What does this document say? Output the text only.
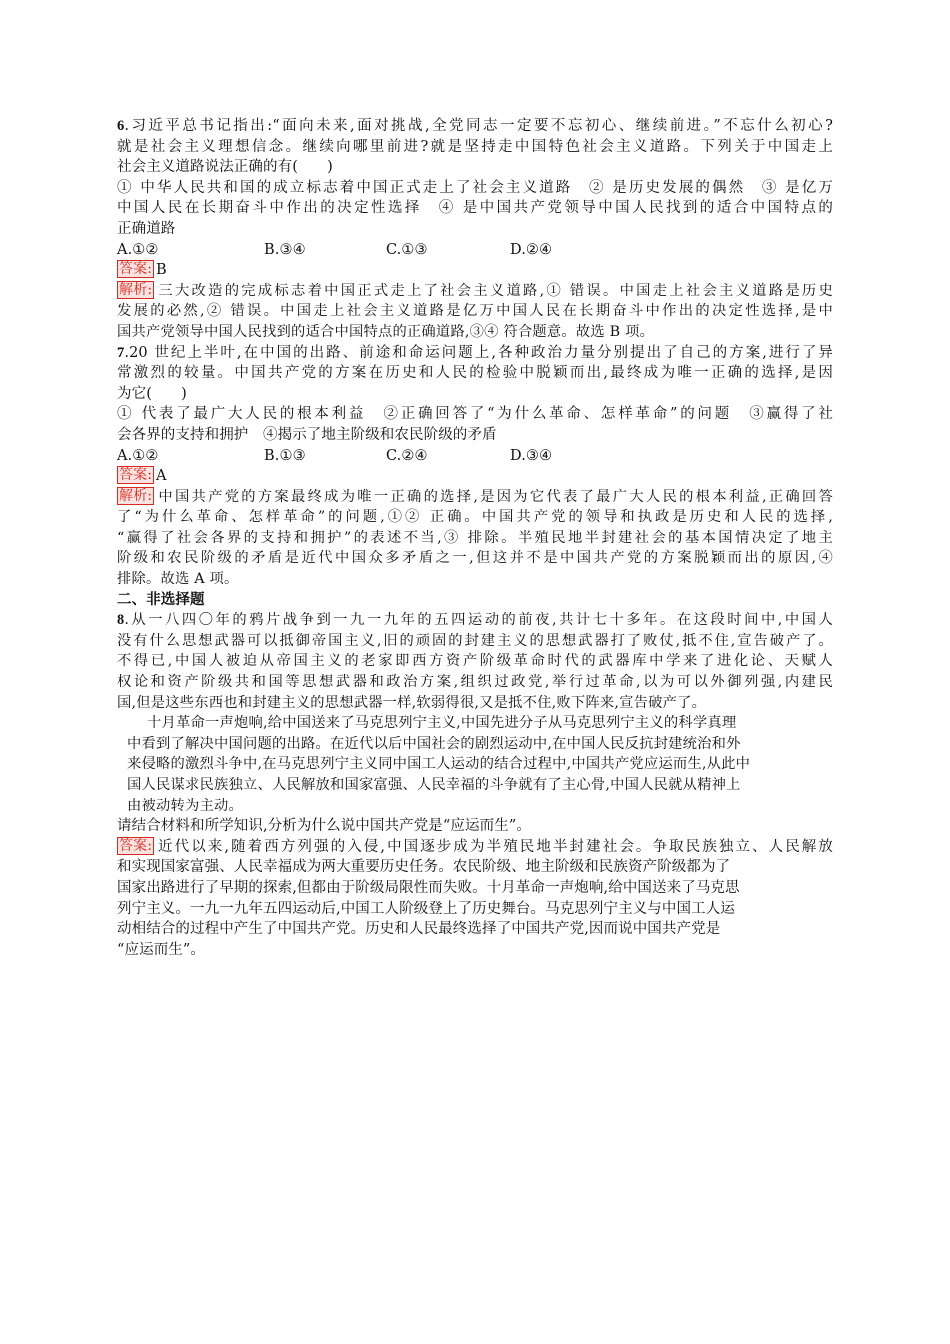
6.习近平总书记指出:“面向未来,面对挑战,全党同志一定要不忘初心、继续前进。”不忘什么初心?
就是社会主义理想信念。继续向哪里前进?就是坚持走中国特色社会主义道路。下列关于中国走上
社会主义道路说法正确的有(　　)
① 中华人民共和国的成立标志着中国正式走上了社会主义道路　② 是历史发展的偶然　③ 是亿万
中国人民在长期奋斗中作出的决定性选择　④ 是中国共产党领导中国人民找到的适合中国特点的
正确道路
A.①②	B.③④	C.①③	D.②④
答案: B
解析: 三大改造的完成标志着中国正式走上了社会主义道路,① 错误。中国走上社会主义道路是历史
发展的必然,② 错误。中国走上社会主义道路是亿万中国人民在长期奋斗中作出的决定性选择,是中
国共产党领导中国人民找到的适合中国特点的正确道路,③④ 符合题意。故选 B 项。
7.20 世纪上半叶,在中国的出路、前途和命运问题上,各种政治力量分别提出了自己的方案,进行了异
常激烈的较量。中国共产党的方案在历史和人民的检验中脱颖而出,最终成为唯一正确的选择,是因
为它(　　)
① 代表了最广大人民的根本利益　②正确回答了“为什么革命、怎样革命”的问题　③赢得了社
会各界的支持和拥护　④揭示了地主阶级和农民阶级的矛盾
A.①②	B.①③	C.②④	D.③④
答案: A
解析: 中国共产党的方案最终成为唯一正确的选择,是因为它代表了最广大人民的根本利益,正确回答
了“为什么革命、怎样革命”的问题,①② 正确。中国共产党的领导和执政是历史和人民的选择,
“赢得了社会各界的支持和拥护”的表述不当,③ 排除。半殖民地半封建社会的基本国情决定了地主
阶级和农民阶级的矛盾是近代中国众多矛盾之一,但这并不是中国共产党的方案脱颖而出的原因,④
排除。故选 A 项。
二、非选择题
8.从一八四〇年的鸦片战争到一九一九年的五四运动的前夜,共计七十多年。在这段时间中,中国人
没有什么思想武器可以抵御帝国主义,旧的顽固的封建主义的思想武器打了败仗,抵不住,宣告破产了。
不得已,中国人被迫从帝国主义的老家即西方资产阶级革命时代的武器库中学来了进化论、天赋人
权论和资产阶级共和国等思想武器和政治方案,组织过政党,举行过革命,以为可以外御列强,内建民
国,但是这些东西也和封建主义的思想武器一样,软弱得很,又是抵不住,败下阵来,宣告破产了。
十月革命一声炮响,给中国送来了马克思列宁主义,中国先进分子从马克思列宁主义的科学真理
中看到了解决中国问题的出路。在近代以后中国社会的剧烈运动中,在中国人民反抗封建统治和外
来侵略的激烈斗争中,在马克思列宁主义同中国工人运动的结合过程中,中国共产党应运而生,从此中
国人民谋求民族独立、人民解放和国家富强、人民幸福的斗争就有了主心骨,中国人民就从精神上
由被动转为主动。
请结合材料和所学知识,分析为什么说中国共产党是“应运而生”。
答案: 近代以来,随着西方列强的入侵,中国逐步成为半殖民地半封建社会。争取民族独立、人民解放
和实现国家富强、人民幸福成为两大重要历史任务。农民阶级、地主阶级和民族资产阶级都为了
国家出路进行了早期的探索,但都由于阶级局限性而失败。十月革命一声炮响,给中国送来了马克思
列宁主义。一九一九年五四运动后,中国工人阶级登上了历史舞台。马克思列宁主义与中国工人运
动相结合的过程中产生了中国共产党。历史和人民最终选择了中国共产党,因而说中国共产党是
“应运而生”。
